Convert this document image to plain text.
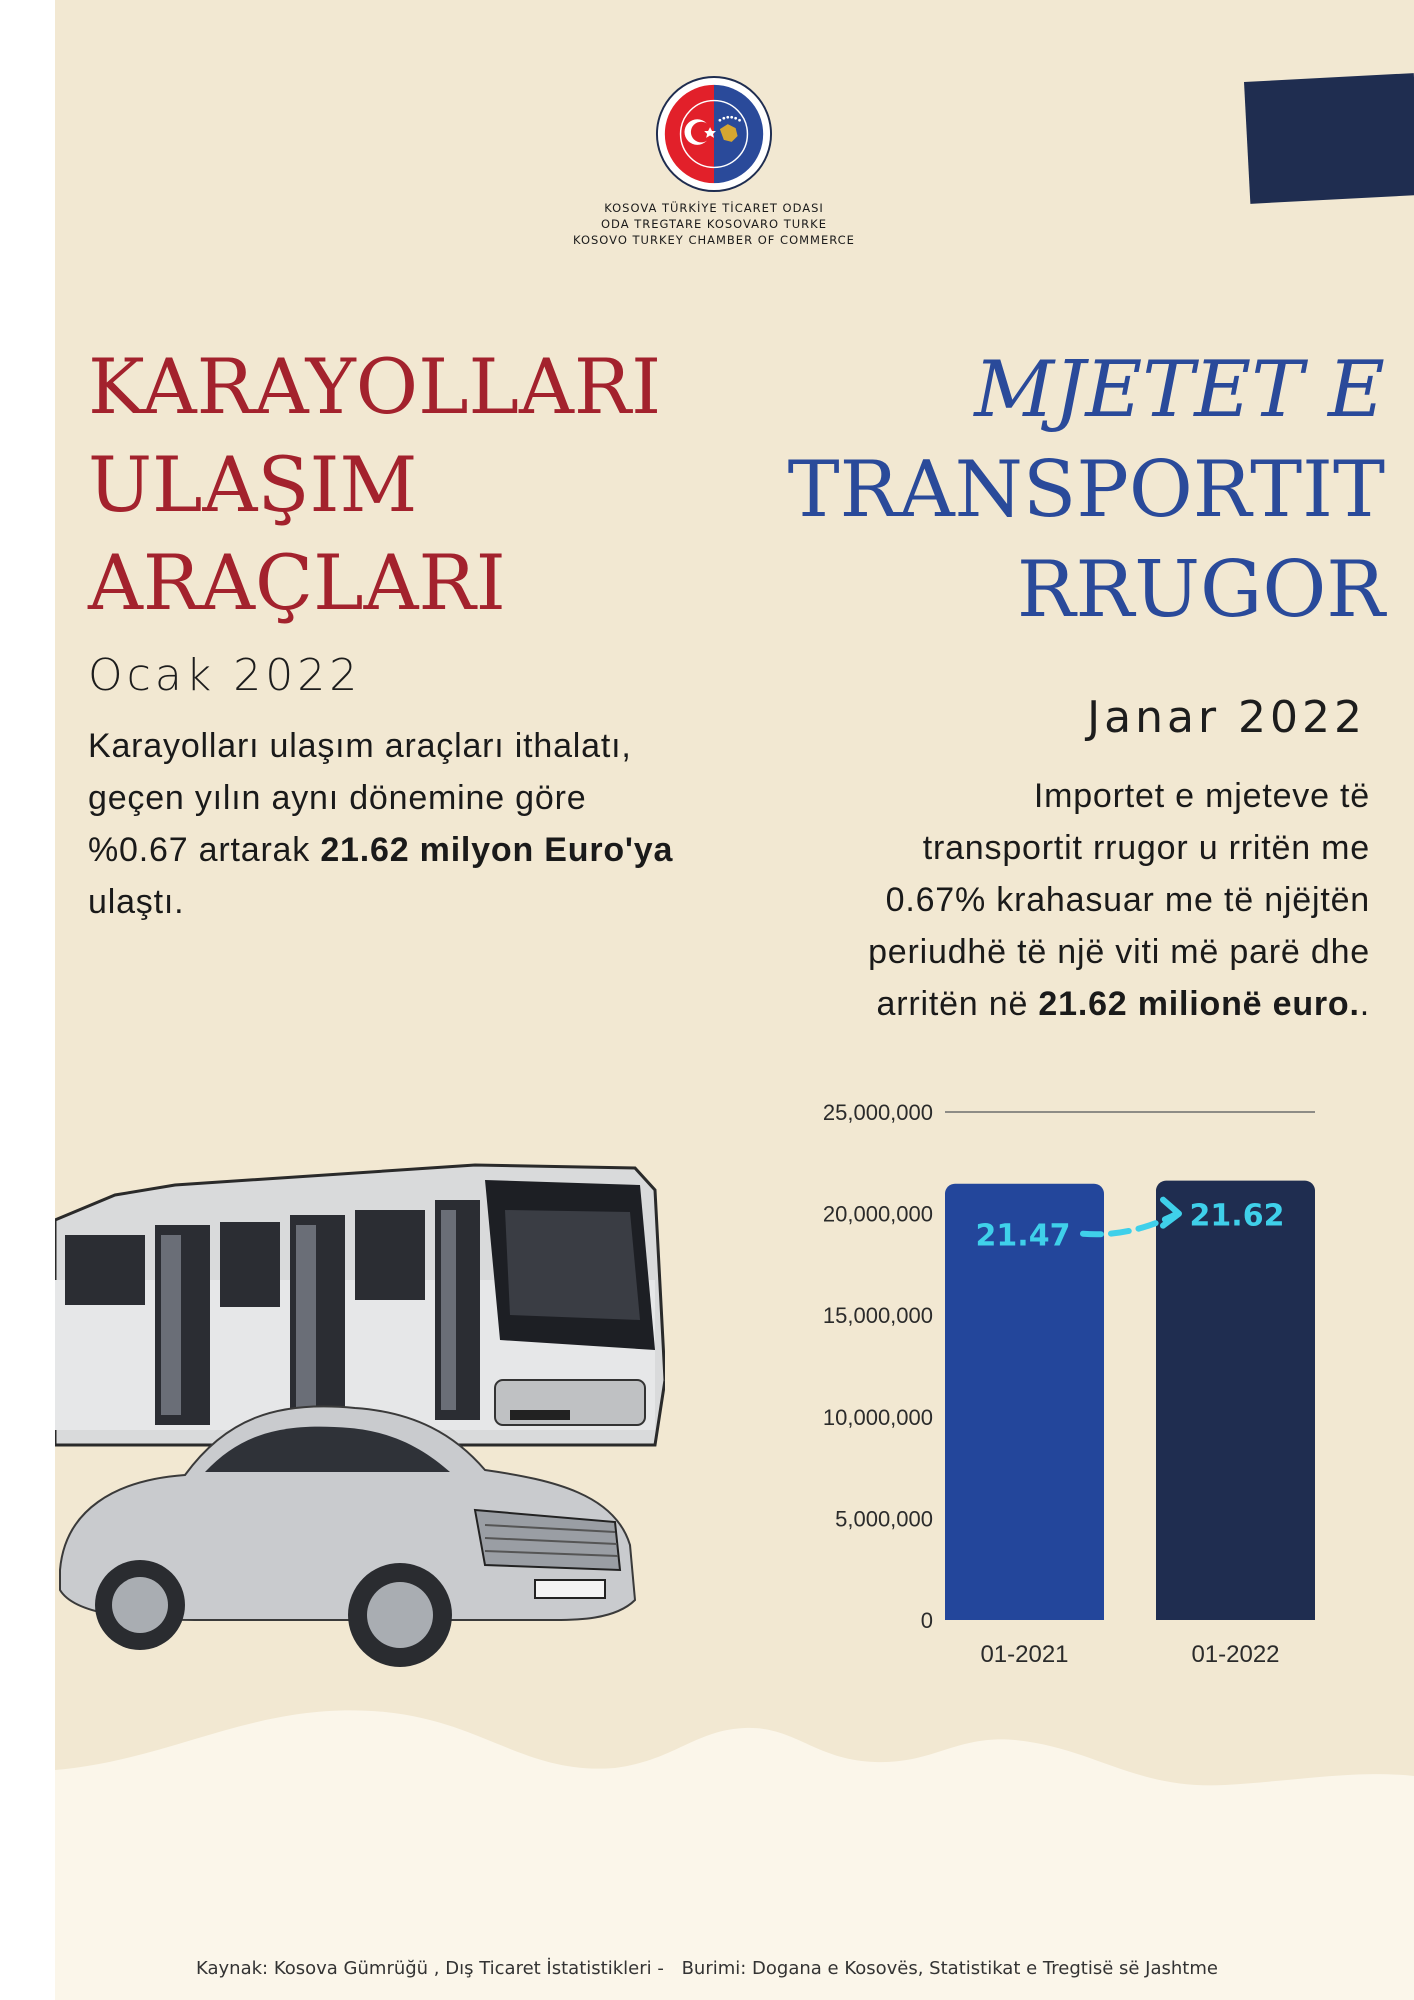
KOSOVA TÜRKİYE TİCARET ODASI
ODA TREGTARE KOSOVARO TURKE
KOSOVO TURKEY CHAMBER OF COMMERCE
KARAYOLLARI
ULAŞIM
ARAÇLARI
MJETET E
TRANSPORTIT
RRUGOR
Ocak 2022
Janar 2022
Karayolları ulaşım araçları ithalatı,
geçen yılın aynı dönemine göre
%0.67 artarak 21.62 milyon Euro'ya
ulaştı.
Importet e mjeteve të
transportit rrugor u rritën me
0.67% krahasuar me të njëjtën
periudhë të një viti më parë dhe
arritën në 21.62 milionë euro..
0
5,000,000
10,000,000
15,000,000
20,000,000
25,000,000
21.47
21.62
01-2021	01-2022
Kaynak: Kosova Gümrüğü , Dış Ticaret İstatistikleri - Burimi: Dogana e Kosovës, Statistikat e Tregtisë së Jashtme
